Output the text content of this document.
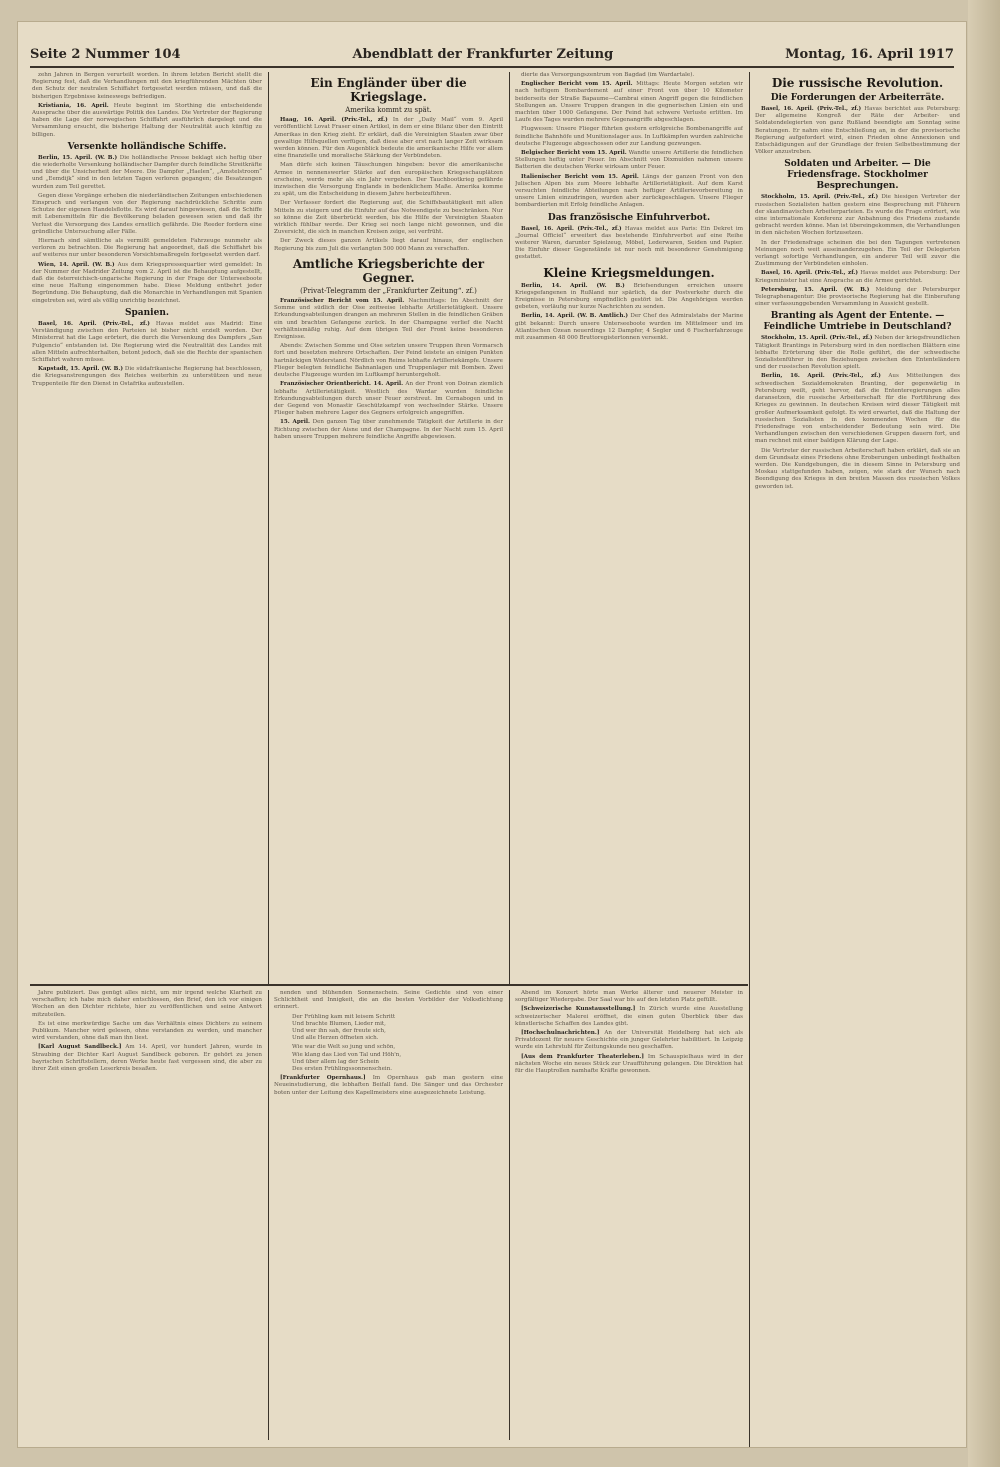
Seite 2 Nummer 104	Abendblatt der Frankfurter Zeitung	Montag, 16. April 1917

zehn Jahren in Bergen verurteilt worden. In ihrem letzten Bericht stellt die Regierung fest, daß die Verhandlungen mit den kriegführenden Mächten über den Schutz der neutralen Schiffahrt fortgesetzt werden müssen, und daß die bisherigen Ergebnisse keineswegs befriedigen.

Kristiania, 16. April. Heute beginnt im Storthing die entscheidende Aussprache über die auswärtige Politik des Landes. Die Vertreter der Regierung haben die Lage der norwegischen Schiffahrt ausführlich dargelegt und die Versammlung ersucht, die bisherige Haltung der Neutralität auch künftig zu billigen.

Versenkte holländische Schiffe.

Berlin, 15. April. (W. B.) Die holländische Presse beklagt sich heftig über die wiederholte Versenkung holländischer Dampfer durch feindliche Streitkräfte und über die Unsicherheit der Meere. Die Dampfer „Haelen“, „Amstelstroom“ und „Eemdijk“ sind in den letzten Tagen verloren gegangen; die Besatzungen wurden zum Teil gerettet.

Gegen diese Vorgänge erheben die niederländischen Zeitungen entschiedenen Einspruch und verlangen von der Regierung nachdrückliche Schritte zum Schutze der eigenen Handelsflotte. Es wird darauf hingewiesen, daß die Schiffe mit Lebensmitteln für die Bevölkerung beladen gewesen seien und daß ihr Verlust die Versorgung des Landes ernstlich gefährde. Die Reeder fordern eine gründliche Untersuchung aller Fälle.

Hiernach sind sämtliche als vermißt gemeldeten Fahrzeuge nunmehr als verloren zu betrachten. Die Regierung hat angeordnet, daß die Schiffahrt bis auf weiteres nur unter besonderen Vorsichtsmaßregeln fortgesetzt werden darf.

Wien, 14. April. (W. B.) Aus dem Kriegspressequartier wird gemeldet: In der Nummer der Madrider Zeitung vom 2. April ist die Behauptung aufgestellt, daß die österreichisch-ungarische Regierung in der Frage der Unterseeboote eine neue Haltung eingenommen habe. Diese Meldung entbehrt jeder Begründung. Die Behauptung, daß die Monarchie in Verhandlungen mit Spanien eingetreten sei, wird als völlig unrichtig bezeichnet.

Spanien.

Basel, 16. April. (Priv.-Tel., zf.) Havas meldet aus Madrid: Eine Verständigung zwischen den Parteien ist bisher nicht erzielt worden. Der Ministerrat hat die Lage erörtert, die durch die Versenkung des Dampfers „San Fulgencio“ entstanden ist. Die Regierung wird die Neutralität des Landes mit allen Mitteln aufrechterhalten, betont jedoch, daß sie die Rechte der spanischen Schiffahrt wahren müsse.

Kapstadt, 15. April. (W. B.) Die südafrikanische Regierung hat beschlossen, die Kriegsanstrengungen des Reiches weiterhin zu unterstützen und neue Truppenteile für den Dienst in Ostafrika aufzustellen.

Ein Engländer über die Kriegslage.
Amerika kommt zu spät.

Haag, 16. April. (Priv.-Tel., zf.) In der „Daily Mail“ vom 9. April veröffentlicht Lovat Fraser einen Artikel, in dem er eine Bilanz über den Eintritt Amerikas in den Krieg zieht. Er erklärt, daß die Vereinigten Staaten zwar über gewaltige Hilfsquellen verfügen, daß diese aber erst nach langer Zeit wirksam werden können. Für den Augenblick bedeute die amerikanische Hilfe vor allem eine finanzielle und moralische Stärkung der Verbündeten.

Man dürfe sich keinen Täuschungen hingeben: bevor die amerikanische Armee in nennenswerter Stärke auf den europäischen Kriegsschauplätzen erscheine, werde mehr als ein Jahr vergehen. Der Tauchbootkrieg gefährde inzwischen die Versorgung Englands in bedenklichem Maße. Amerika komme zu spät, um die Entscheidung in diesem Jahre herbeizuführen.

Der Verfasser fordert die Regierung auf, die Schiffsbautätigkeit mit allen Mitteln zu steigern und die Einfuhr auf das Notwendigste zu beschränken. Nur so könne die Zeit überbrückt werden, bis die Hilfe der Vereinigten Staaten wirklich fühlbar werde. Der Krieg sei noch lange nicht gewonnen, und die Zuversicht, die sich in manchen Kreisen zeige, sei verfrüht.

Der Zweck dieses ganzen Artikels liegt darauf hinaus, der englischen Regierung bis zum Juli die verlangten 500 000 Mann zu verschaffen.

Amtliche Kriegsberichte der Gegner.
(Privat-Telegramm der „Frankfurter Zeitung“. zf.)

Französischer Bericht vom 15. April. Nachmittags: Im Abschnitt der Somme und südlich der Oise zeitweise lebhafte Artillerietätigkeit. Unsere Erkundungsabteilungen drangen an mehreren Stellen in die feindlichen Gräben ein und brachten Gefangene zurück. In der Champagne verlief die Nacht verhältnismäßig ruhig. Auf dem übrigen Teil der Front keine besonderen Ereignisse.

Abends: Zwischen Somme und Oise setzten unsere Truppen ihren Vormarsch fort und besetzten mehrere Ortschaften. Der Feind leistete an einigen Punkten hartnäckigen Widerstand. Nördlich von Reims lebhafte Artilleriekämpfe. Unsere Flieger belegten feindliche Bahnanlagen und Truppenlager mit Bomben. Zwei deutsche Flugzeuge wurden im Luftkampf heruntergeholt.

Französischer Orientbericht. 14. April. An der Front von Doiran ziemlich lebhafte Artillerietätigkeit. Westlich des Wardar wurden feindliche Erkundungsabteilungen durch unser Feuer zerstreut. Im Cernabogen und in der Gegend von Monastir Geschützkampf von wechselnder Stärke. Unsere Flieger haben mehrere Lager des Gegners erfolgreich angegriffen.

15. April. Den ganzen Tag über zunehmende Tätigkeit der Artillerie in der Richtung zwischen der Aisne und der Champagne. In der Nacht zum 15. April haben unsere Truppen mehrere feindliche Angriffe abgewiesen.

dierte das Versorgungszentrum von Bagdad (im Wardartale).

Englischer Bericht vom 15. April. Mittags: Heute Morgen setzten wir nach heftigem Bombardement auf einer Front von über 10 Kilometer beiderseits der Straße Bapaume—Cambrai einen Angriff gegen die feindlichen Stellungen an. Unsere Truppen drangen in die gegnerischen Linien ein und machten über 1000 Gefangene. Der Feind hat schwere Verluste erlitten. Im Laufe des Tages wurden mehrere Gegenangriffe abgeschlagen.

Flugwesen: Unsere Flieger führten gestern erfolgreiche Bombenangriffe auf feindliche Bahnhöfe und Munitionslager aus. In Luftkämpfen wurden zahlreiche deutsche Flugzeuge abgeschossen oder zur Landung gezwungen.

Belgischer Bericht vom 15. April. Wandte unsere Artillerie die feindlichen Stellungen heftig unter Feuer. Im Abschnitt von Dixmuiden nahmen unsere Batterien die deutschen Werke wirksam unter Feuer.

Italienischer Bericht vom 15. April. Längs der ganzen Front von den Julischen Alpen bis zum Meere lebhafte Artillerietätigkeit. Auf dem Karst versuchten feindliche Abteilungen nach heftiger Artillerievorbereitung in unsere Linien einzudringen, wurden aber zurückgeschlagen. Unsere Flieger bombardierten mit Erfolg feindliche Anlagen.

Das französische Einfuhrverbot.

Basel, 16. April. (Priv.-Tel., zf.) Havas meldet aus Paris: Ein Dekret im „Journal Officiel“ erweitert das bestehende Einfuhrverbot auf eine Reihe weiterer Waren, darunter Spielzeug, Möbel, Lederwaren, Seiden und Papier. Die Einfuhr dieser Gegenstände ist nur noch mit besonderer Genehmigung gestattet.

Kleine Kriegsmeldungen.

Berlin, 14. April. (W. B.) Briefsendungen erreichen unsere Kriegsgefangenen in Rußland nur spärlich, da der Postverkehr durch die Ereignisse in Petersburg empfindlich gestört ist. Die Angehörigen werden gebeten, vorläufig nur kurze Nachrichten zu senden.

Berlin, 14. April. (W. B. Amtlich.) Der Chef des Admiralstabs der Marine gibt bekannt: Durch unsere Unterseeboote wurden im Mittelmeer und im Atlantischen Ozean neuerdings 12 Dampfer, 4 Segler und 6 Fischerfahrzeuge mit zusammen 48 000 Bruttoregistertonnen versenkt.

Die russische Revolution.
Die Forderungen der Arbeiterräte.

Basel, 16. April. (Priv.-Tel., zf.) Havas berichtet aus Petersburg: Der allgemeine Kongreß der Räte der Arbeiter- und Soldatendelegierten von ganz Rußland beendigte am Sonntag seine Beratungen. Er nahm eine Entschließung an, in der die provisorische Regierung aufgefordert wird, einen Frieden ohne Annexionen und Entschädigungen auf der Grundlage der freien Selbstbestimmung der Völker anzustreben.

Soldaten und Arbeiter. — Die Friedensfrage. Stockholmer Besprechungen.

Stockholm, 15. April. (Priv.-Tel., zf.) Die hiesigen Vertreter der russischen Sozialisten hatten gestern eine Besprechung mit Führern der skandinavischen Arbeiterparteien. Es wurde die Frage erörtert, wie eine internationale Konferenz zur Anbahnung des Friedens zustande gebracht werden könne. Man ist übereingekommen, die Verhandlungen in den nächsten Wochen fortzusetzen.

In der Friedensfrage scheinen die bei den Tagungen vertretenen Meinungen noch weit auseinanderzugehen. Ein Teil der Delegierten verlangt sofortige Verhandlungen, ein anderer Teil will zuvor die Zustimmung der Verbündeten einholen.

Basel, 16. April. (Priv.-Tel., zf.) Havas meldet aus Petersburg: Der Kriegsminister hat eine Ansprache an die Armee gerichtet.

Petersburg, 15. April. (W. B.) Meldung der Petersburger Telegraphenagentur: Die provisorische Regierung hat die Einberufung einer verfassunggebenden Versammlung in Aussicht gestellt.

Branting als Agent der Entente. — Feindliche Umtriebe in Deutschland?

Stockholm, 15. April. (Priv.-Tel., zf.) Neben der kriegsfreundlichen Tätigkeit Brantings in Petersburg wird in den nordischen Blättern eine lebhafte Erörterung über die Rolle geführt, die der schwedische Sozialistenführer in den Beziehungen zwischen den Ententeländern und der russischen Revolution spielt.

Berlin, 16. April. (Priv.-Tel., zf.) Aus Mitteilungen des schwedischen Sozialdemokraten Branting, der gegenwärtig in Petersburg weilt, geht hervor, daß die Ententeregierungen alles daransetzen, die russische Arbeiterschaft für die Fortführung des Krieges zu gewinnen. In deutschen Kreisen wird dieser Tätigkeit mit großer Aufmerksamkeit gefolgt. Es wird erwartet, daß die Haltung der russischen Sozialisten in den kommenden Wochen für die Friedensfrage von entscheidender Bedeutung sein wird. Die Verhandlungen zwischen den verschiedenen Gruppen dauern fort, und man rechnet mit einer baldigen Klärung der Lage.

Die Vertreter der russischen Arbeiterschaft haben erklärt, daß sie an dem Grundsatz eines Friedens ohne Eroberungen unbedingt festhalten werden. Die Kundgebungen, die in diesem Sinne in Petersburg und Moskau stattgefunden haben, zeigen, wie stark der Wunsch nach Beendigung des Krieges in den breiten Massen des russischen Volkes geworden ist.

Jahre publiziert. Das genügt alles nicht, um mir irgend welche Klarheit zu verschaffen; ich habe mich daher entschlossen, den Brief, den ich vor einigen Wochen an den Dichter richtete, hier zu veröffentlichen und seine Antwort mitzuteilen.

Es ist eine merkwürdige Sache um das Verhältnis eines Dichters zu seinem Publikum. Mancher wird gelesen, ohne verstanden zu werden, und mancher wird verstanden, ohne daß man ihn liest.

[Karl August Sandlbeck.] Am 14. April, vor hundert Jahren, wurde in Straubing der Dichter Karl August Sandlbeck geboren. Er gehört zu jenen bayrischen Schriftstellern, deren Werke heute fast vergessen sind, die aber zu ihrer Zeit einen großen Leserkreis besaßen.

nenden und blühenden Sonnenschein. Seine Gedichte sind von einer Schlichtheit und Innigkeit, die an die besten Vorbilder der Volksdichtung erinnert.

Der Frühling kam mit leisem Schritt
Und brachte Blumen, Lieder mit,
Und wer ihn sah, der freute sich,
Und alle Herzen öffneten sich.

Wie war die Welt so jung und schön,
Wie klang das Lied von Tal und Höh'n,
Und über allem lag der Schein
Des ersten Frühlingssonnenschein.

[Frankfurter Opernhaus.] Im Opernhaus gab man gestern eine Neueinstudierung, die lebhaften Beifall fand. Die Sänger und das Orchester boten unter der Leitung des Kapellmeisters eine ausgezeichnete Leistung.

Abend im Konzert hörte man Werke älterer und neuerer Meister in sorgfältiger Wiedergabe. Der Saal war bis auf den letzten Platz gefüllt.

[Schweizerische Kunstausstellung.] In Zürich wurde eine Ausstellung schweizerischer Malerei eröffnet, die einen guten Überblick über das künstlerische Schaffen des Landes gibt.

[Hochschulnachrichten.] An der Universität Heidelberg hat sich als Privatdozent für neuere Geschichte ein junger Gelehrter habilitiert. In Leipzig wurde ein Lehrstuhl für Zeitungskunde neu geschaffen.

[Aus dem Frankfurter Theaterleben.] Im Schauspielhaus wird in der nächsten Woche ein neues Stück zur Uraufführung gelangen. Die Direktion hat für die Hauptrollen namhafte Kräfte gewonnen.
